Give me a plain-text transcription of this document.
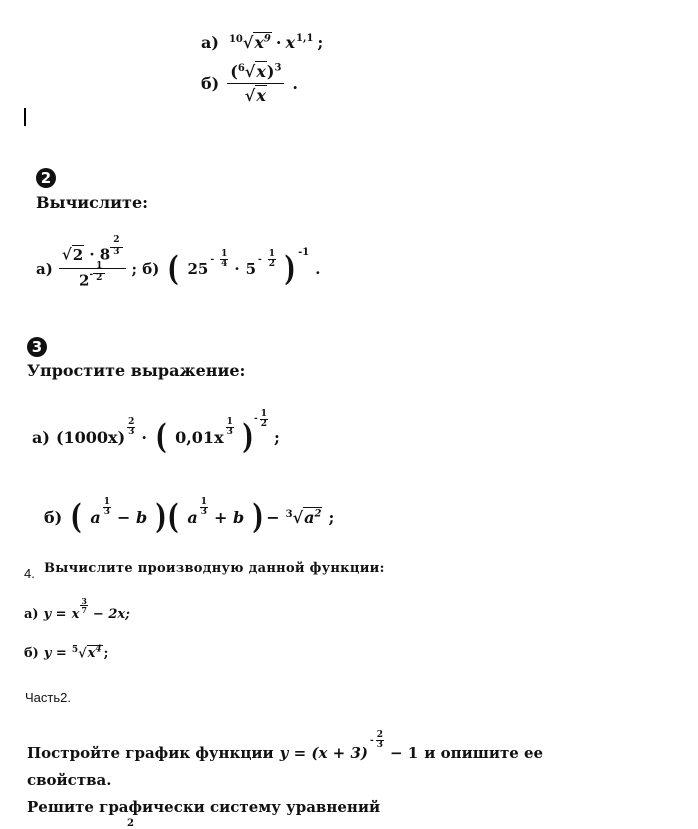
а) $^{10}√x^9 \cdot x^{1,1}$ ;
б)
$(^6√x)^3$
√x
.
2
Вычислите:
а)
$√2 \cdot 8 \frac{2}{3}$
$2^- \frac{1}{2}$ ; б) ( $25 - \frac{1}{4} \cdot 5 - \frac{1}{2}$ ) -1
.
3
Упростите выражение:
а) (1000x)
$\frac{2}{3}$
· ( 0,01x
$\frac{1}{3}$ ) - $\frac{1}{2}$
;
б) ( a
$\frac{1}{3}$
− b ) ( a
$\frac{1}{3}$
+ b ) − $^3√a^2$ ;
4. Вычислите производную данной функции:
а) y = x
$\frac{3}{7}$
− 2x;
б) $y = ^5√x^4$ ;
Часть2.
Постройте график функции y = (x + 3)
- $\frac{2}{3}$
− 1 и опишите ее
свойства.
Решите графически систему уравнений
2
